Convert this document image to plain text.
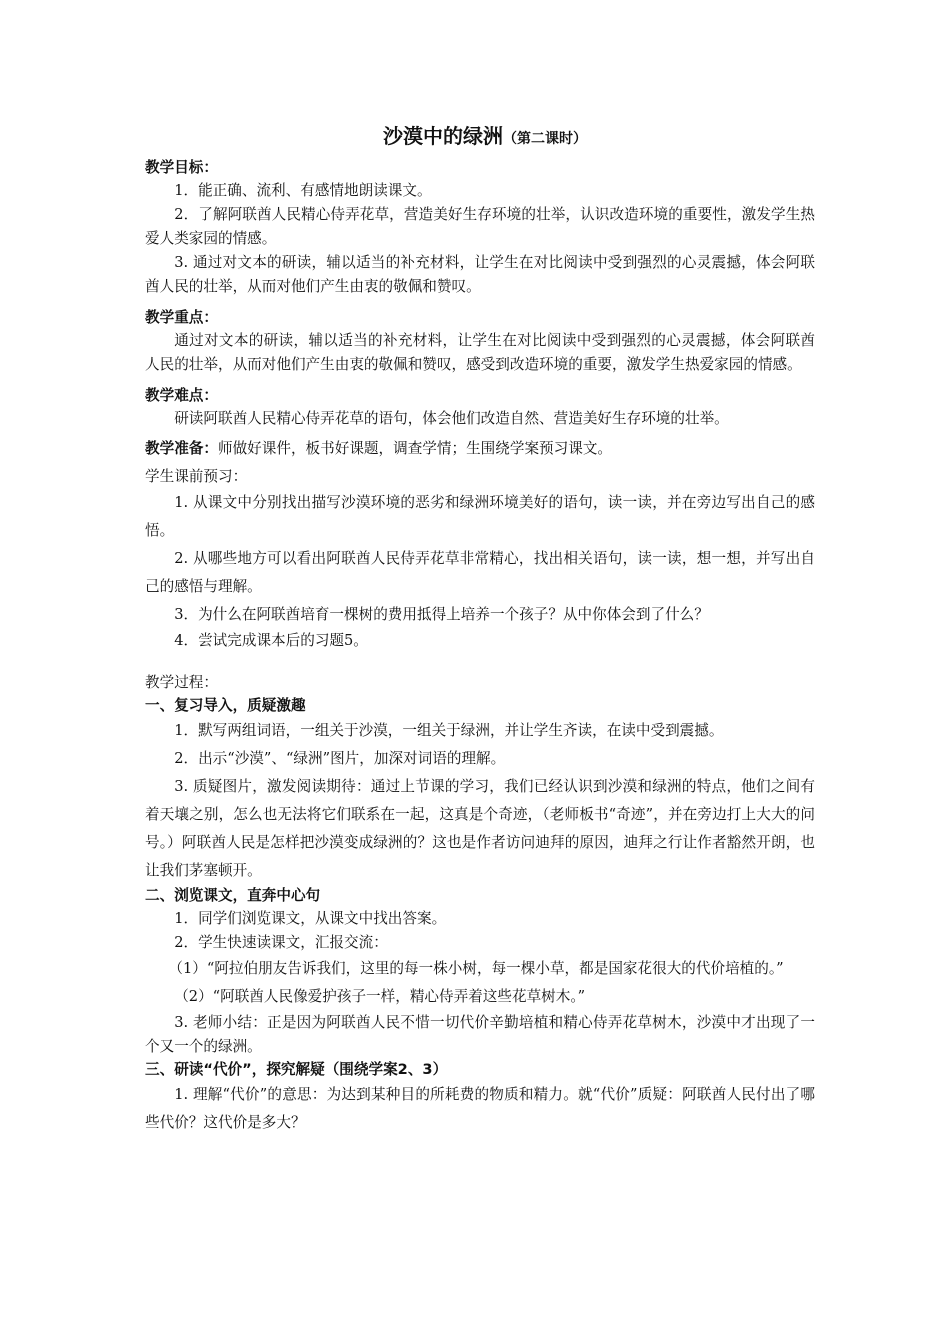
沙漠中的绿洲（第二课时）

教学目标：

1．能正确、流利、有感情地朗读课文。

2．了解阿联酋人民精心侍弄花草，营造美好生存环境的壮举，认识改造环境的重要性，激发学生热爱人类家园的情感。

3. 通过对文本的研读，辅以适当的补充材料，让学生在对比阅读中受到强烈的心灵震撼，体会阿联酋人民的壮举，从而对他们产生由衷的敬佩和赞叹。

教学重点：

通过对文本的研读，辅以适当的补充材料，让学生在对比阅读中受到强烈的心灵震撼，体会阿联酋人民的壮举，从而对他们产生由衷的敬佩和赞叹，感受到改造环境的重要，激发学生热爱家园的情感。

教学难点：

研读阿联酋人民精心侍弄花草的语句，体会他们改造自然、营造美好生存环境的壮举。

教学准备：师做好课件，板书好课题，调查学情；生围绕学案预习课文。

学生课前预习：

1. 从课文中分别找出描写沙漠环境的恶劣和绿洲环境美好的语句，读一读，并在旁边写出自己的感悟。

2. 从哪些地方可以看出阿联酋人民侍弄花草非常精心，找出相关语句，读一读，想一想，并写出自己的感悟与理解。

3．为什么在阿联酋培育一棵树的费用抵得上培养一个孩子？从中你体会到了什么？

4．尝试完成课本后的习题5。

教学过程：

一、复习导入，质疑激趣

1．默写两组词语，一组关于沙漠，一组关于绿洲，并让学生齐读，在读中受到震撼。

2．出示“沙漠”、“绿洲”图片，加深对词语的理解。

3. 质疑图片，激发阅读期待：通过上节课的学习，我们已经认识到沙漠和绿洲的特点，他们之间有着天壤之别，怎么也无法将它们联系在一起，这真是个奇迹，（老师板书“奇迹”，并在旁边打上大大的问号。）阿联酋人民是怎样把沙漠变成绿洲的？这也是作者访问迪拜的原因，迪拜之行让作者豁然开朗，也让我们茅塞顿开。

二、浏览课文，直奔中心句

1．同学们浏览课文，从课文中找出答案。

2．学生快速读课文，汇报交流：

（1）“阿拉伯朋友告诉我们，这里的每一株小树，每一棵小草，都是国家花很大的代价培植的。”

（2）“阿联酋人民像爱护孩子一样，精心侍弄着这些花草树木。”

3. 老师小结：正是因为阿联酋人民不惜一切代价辛勤培植和精心侍弄花草树木，沙漠中才出现了一个又一个的绿洲。

三、研读“代价”，探究解疑（围绕学案2、3）

1. 理解“代价”的意思：为达到某种目的所耗费的物质和精力。就“代价”质疑：阿联酋人民付出了哪些代价？这代价是多大？
